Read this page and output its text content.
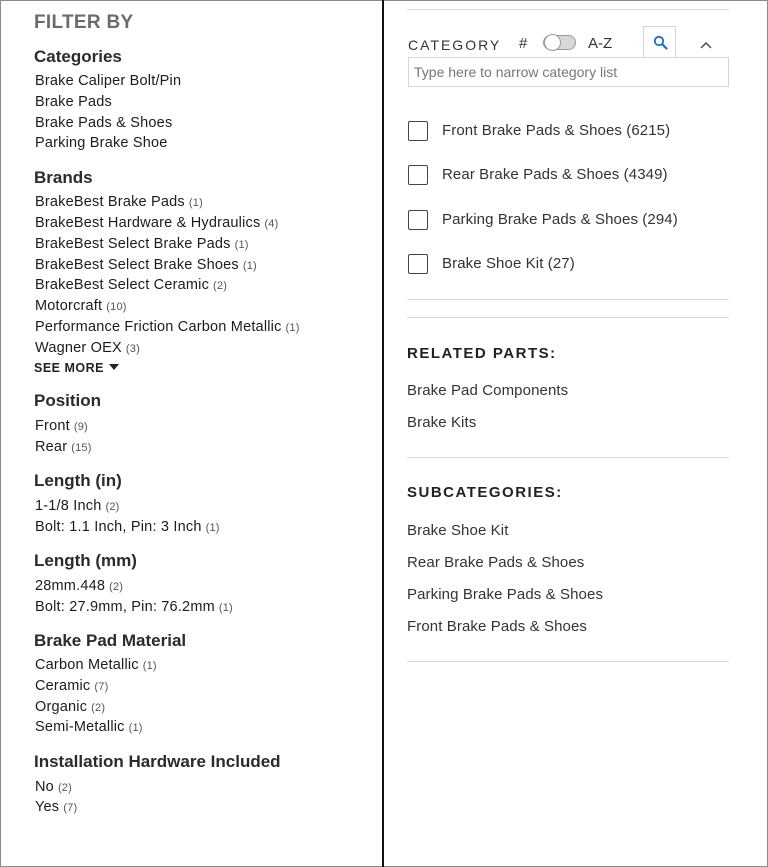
FILTER BY
Categories
Brake Caliper Bolt/Pin
Brake Pads
Brake Pads & Shoes
Parking Brake Shoe
Brands
BrakeBest Brake Pads (1)
BrakeBest Hardware & Hydraulics (4)
BrakeBest Select Brake Pads (1)
BrakeBest Select Brake Shoes (1)
BrakeBest Select Ceramic (2)
Motorcraft (10)
Performance Friction Carbon Metallic (1)
Wagner OEX (3)
SEE MORE
Position
Front (9)
Rear (15)
Length (in)
1-1/8 Inch (2)
Bolt: 1.1 Inch, Pin: 3 Inch (1)
Length (mm)
28mm.448 (2)
Bolt: 27.9mm, Pin: 76.2mm (1)
Brake Pad Material
Carbon Metallic (1)
Ceramic (7)
Organic (2)
Semi-Metallic (1)
Installation Hardware Included
No (2)
Yes (7)
CATEGORY #	A-Z
Type here to narrow category list
Front Brake Pads & Shoes (6215)
Rear Brake Pads & Shoes (4349)
Parking Brake Pads & Shoes (294)
Brake Shoe Kit (27)
RELATED PARTS:
Brake Pad Components
Brake Kits
SUBCATEGORIES:
Brake Shoe Kit
Rear Brake Pads & Shoes
Parking Brake Pads & Shoes
Front Brake Pads & Shoes
